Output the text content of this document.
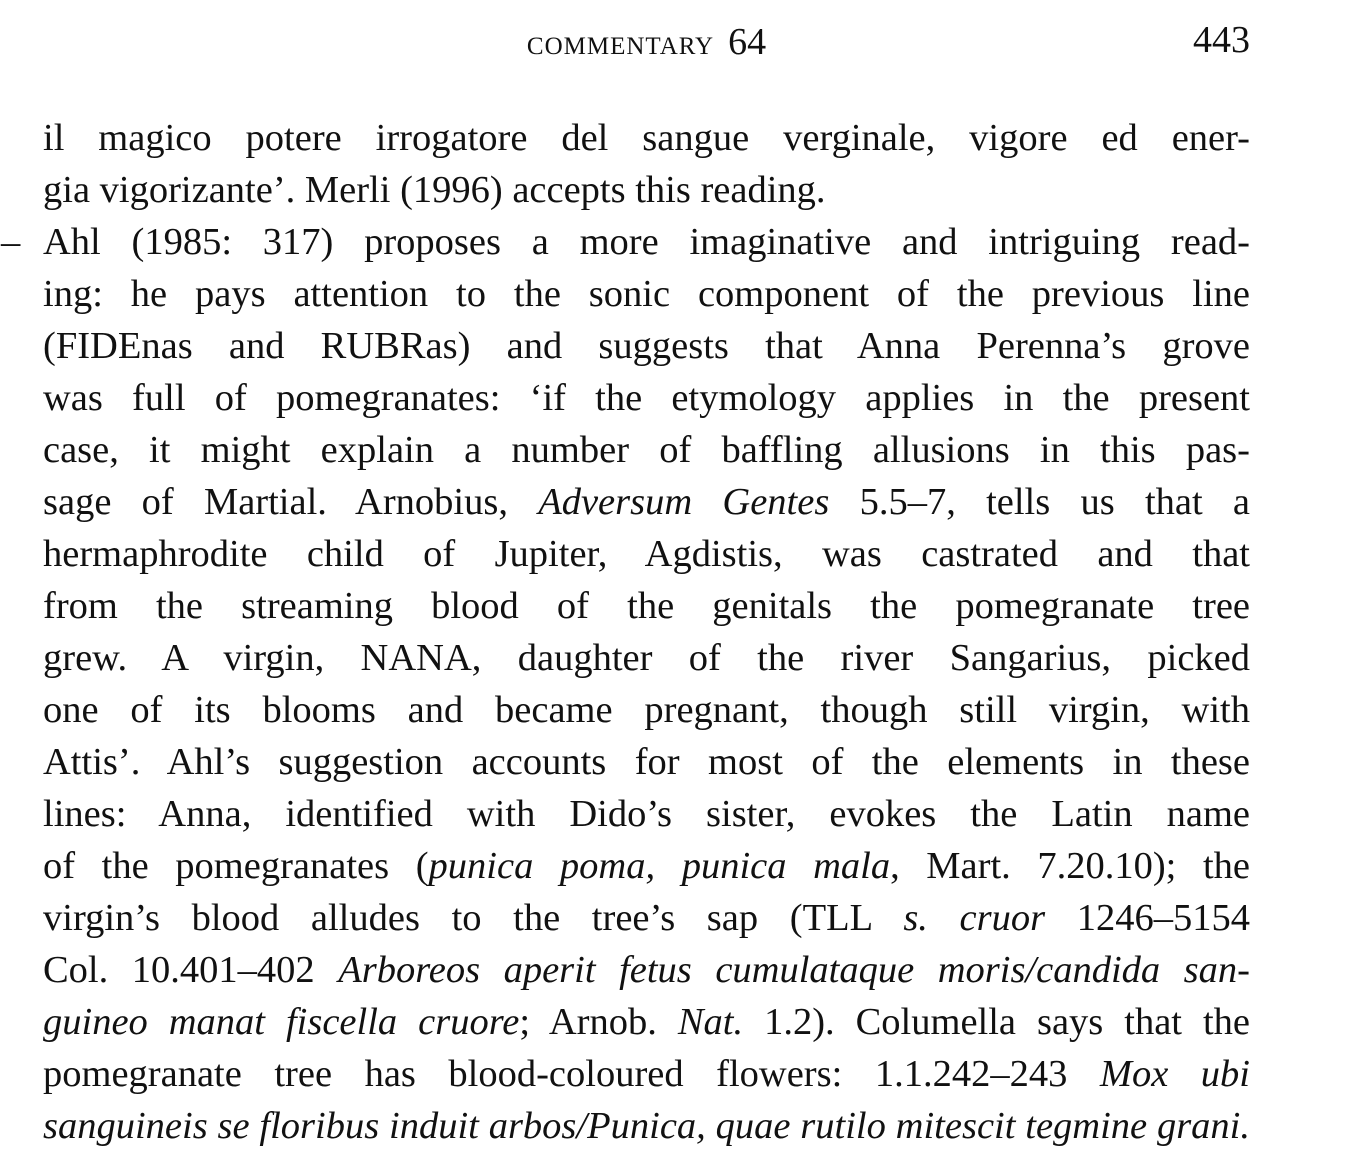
commentary 64	443
il magico potere irrogatore del sangue verginale, vigore ed ener-
gia vigorizante’. Merli (1996) accepts this reading.
– Ahl (1985: 317) proposes a more imaginative and intriguing read-
ing: he pays attention to the sonic component of the previous line
(FIDEnas and RUBRas) and suggests that Anna Perenna’s grove
was full of pomegranates: ‘if the etymology applies in the present
case, it might explain a number of baffling allusions in this pas-
sage of Martial. Arnobius, Adversum Gentes 5.5–7, tells us that a
hermaphrodite child of Jupiter, Agdistis, was castrated and that
from the streaming blood of the genitals the pomegranate tree
grew. A virgin, NANA, daughter of the river Sangarius, picked
one of its blooms and became pregnant, though still virgin, with
Attis’. Ahl’s suggestion accounts for most of the elements in these
lines: Anna, identified with Dido’s sister, evokes the Latin name
of the pomegranates (punica poma, punica mala, Mart. 7.20.10); the
virgin’s blood alludes to the tree’s sap (TLL s. cruor 1246–5154
Col. 10.401–402 Arboreos aperit fetus cumulataque moris/candida san-
guineo manat fiscella cruore; Arnob. Nat. 1.2). Columella says that the
pomegranate tree has blood-coloured flowers: 1.1.242–243 Mox ubi
sanguineis se floribus induit arbos/Punica, quae rutilo mitescit tegmine grani.
